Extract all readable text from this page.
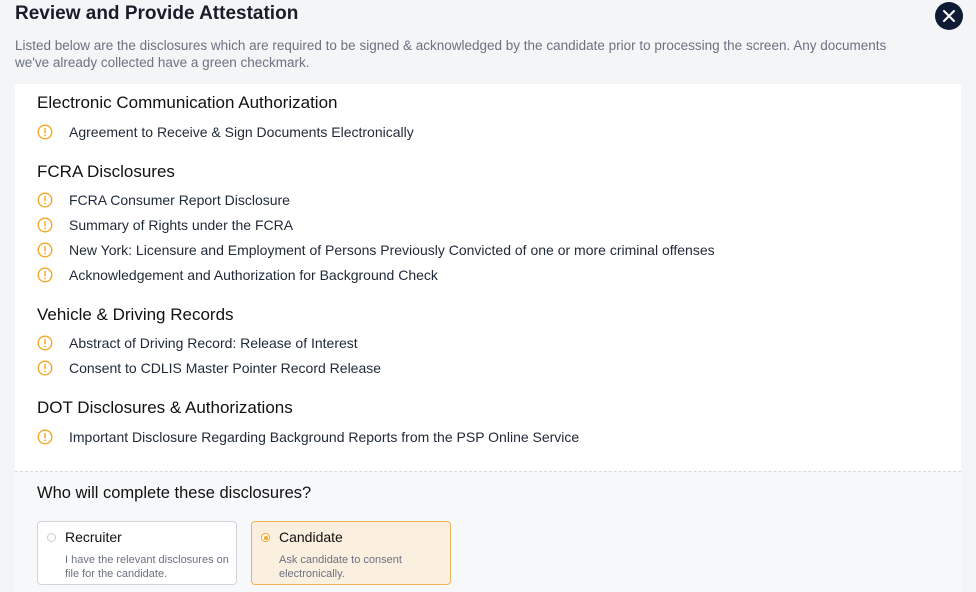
Review and Provide Attestation

Listed below are the disclosures which are required to be signed & acknowledged by the candidate prior to processing the screen. Any documents we've already collected have a green checkmark.

Electronic Communication Authorization
Agreement to Receive & Sign Documents Electronically
FCRA Disclosures
FCRA Consumer Report Disclosure
Summary of Rights under the FCRA
New York: Licensure and Employment of Persons Previously Convicted of one or more criminal offenses
Acknowledgement and Authorization for Background Check
Vehicle & Driving Records
Abstract of Driving Record: Release of Interest
Consent to CDLIS Master Pointer Record Release
DOT Disclosures & Authorizations
Important Disclosure Regarding Background Reports from the PSP Online Service
Who will complete these disclosures?
Recruiter
I have the relevant disclosures on file for the candidate.
Candidate
Ask candidate to consent electronically.
